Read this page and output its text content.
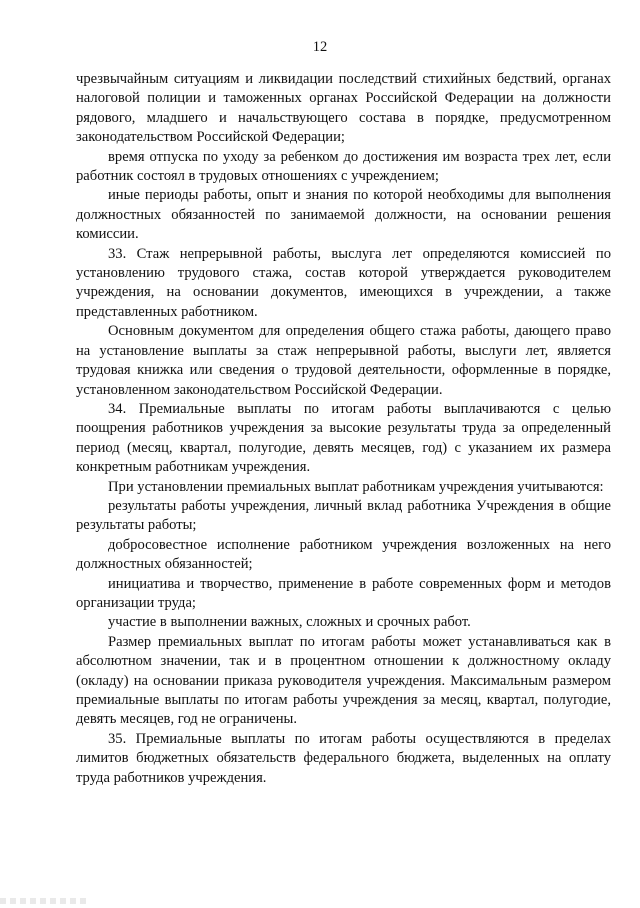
12

чрезвычайным ситуациям и ликвидации последствий стихийных бедствий, органах налоговой полиции и таможенных органах Российской Федерации на должности рядового, младшего и начальствующего состава в порядке, предусмотренном законодательством Российской Федерации;

время отпуска по уходу за ребенком до достижения им возраста трех лет, если работник состоял в трудовых отношениях с учреждением;

иные периоды работы, опыт и знания по которой необходимы для выполнения должностных обязанностей по занимаемой должности, на основании решения комиссии.

33. Стаж непрерывной работы, выслуга лет определяются комиссией по установлению трудового стажа, состав которой утверждается руководителем учреждения, на основании документов, имеющихся в учреждении, а также представленных работником.

Основным документом для определения общего стажа работы, дающего право на установление выплаты за стаж непрерывной работы, выслуги лет, является трудовая книжка или сведения о трудовой деятельности, оформленные в порядке, установленном законодательством Российской Федерации.

34. Премиальные выплаты по итогам работы выплачиваются с целью поощрения работников учреждения за высокие результаты труда за определенный период (месяц, квартал, полугодие, девять месяцев, год) с указанием их размера конкретным работникам учреждения.

При установлении премиальных выплат работникам учреждения учитываются:

результаты работы учреждения, личный вклад работника Учреждения в общие результаты работы;

добросовестное исполнение работником учреждения возложенных на него должностных обязанностей;

инициатива и творчество, применение в работе современных форм и методов организации труда;

участие в выполнении важных, сложных и срочных работ.

Размер премиальных выплат по итогам работы может устанавливаться как в абсолютном значении, так и в процентном отношении к должностному окладу (окладу) на основании приказа руководителя учреждения. Максимальным размером премиальные выплаты по итогам работы учреждения за месяц, квартал, полугодие, девять месяцев, год не ограничены.

35. Премиальные выплаты по итогам работы осуществляются в пределах лимитов бюджетных обязательств федерального бюджета, выделенных на оплату труда работников учреждения.
